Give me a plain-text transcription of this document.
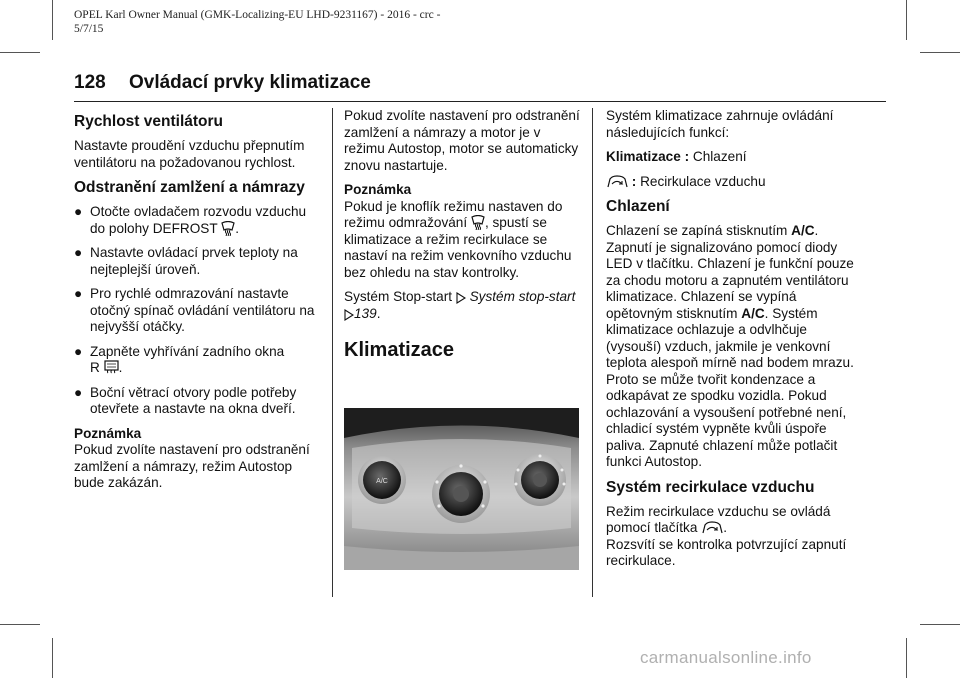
OPEL Karl Owner Manual (GMK-Localizing-EU LHD-9231167) - 2016 - crc -
5/7/15
128 Ovládací prvky klimatizace
Rychlost ventilátoru

Nastavte proudění vzduchu přepnutím ventilátoru na požadovanou rychlost.

Odstranění zamlžení a námrazy
● Otočte ovladačem rozvodu vzduchu do polohy DEFROST .
● Nastavte ovládací prvek teploty na nejteplejší úroveň.
● Pro rychlé odmrazování nastavte otočný spínač ovládání ventilátoru na nejvyšší otáčky.
● Zapněte vyhřívání zadního okna
R .
● Boční větrací otvory podle potřeby otevřete a nastavte na okna dveří.

Poznámka

Pokud zvolíte nastavení pro odstranění zamlžení a námrazy, režim Autostop bude zakázán.

Pokud zvolíte nastavení pro odstranění zamlžení a námrazy a motor je v režimu Autostop, motor se automaticky znovu nastartuje.

Poznámka

Pokud je knoflík režimu nastaven do režimu odmražování , spustí se klimatizace a režim recirkulace se nastaví na režim venkovního vzduchu bez ohledu na stav kontrolky.

Systém Stop-start Systém stop-start 139.

Klimatizace
A/C

Systém klimatizace zahrnuje ovládání následujících funkcí:

Klimatizace : Chlazení

: Recirkulace vzduchu

Chlazení

Chlazení se zapíná stisknutím A/C. Zapnutí je signalizováno pomocí diody LED v tlačítku. Chlazení je funkční pouze za chodu motoru a zapnutém ventilátoru klimatizace. Chlazení se vypíná opětovným stisknutím A/C. Systém klimatizace ochlazuje a odvlhčuje (vysouší) vzduch, jakmile je venkovní teplota alespoň mírně nad bodem mrazu. Proto se může tvořit kondenzace a odkapávat ze spodku vozidla. Pokud ochlazování a vysoušení potřebné není, chladicí systém vypněte kvůli úspoře paliva. Zapnuté chlazení může potlačit funkci Autostop.

Systém recirkulace vzduchu

Režim recirkulace vzduchu se ovládá pomocí tlačítka .
Rozsvítí se kontrolka potvrzující zapnutí recirkulace.

carmanualsonline.info
